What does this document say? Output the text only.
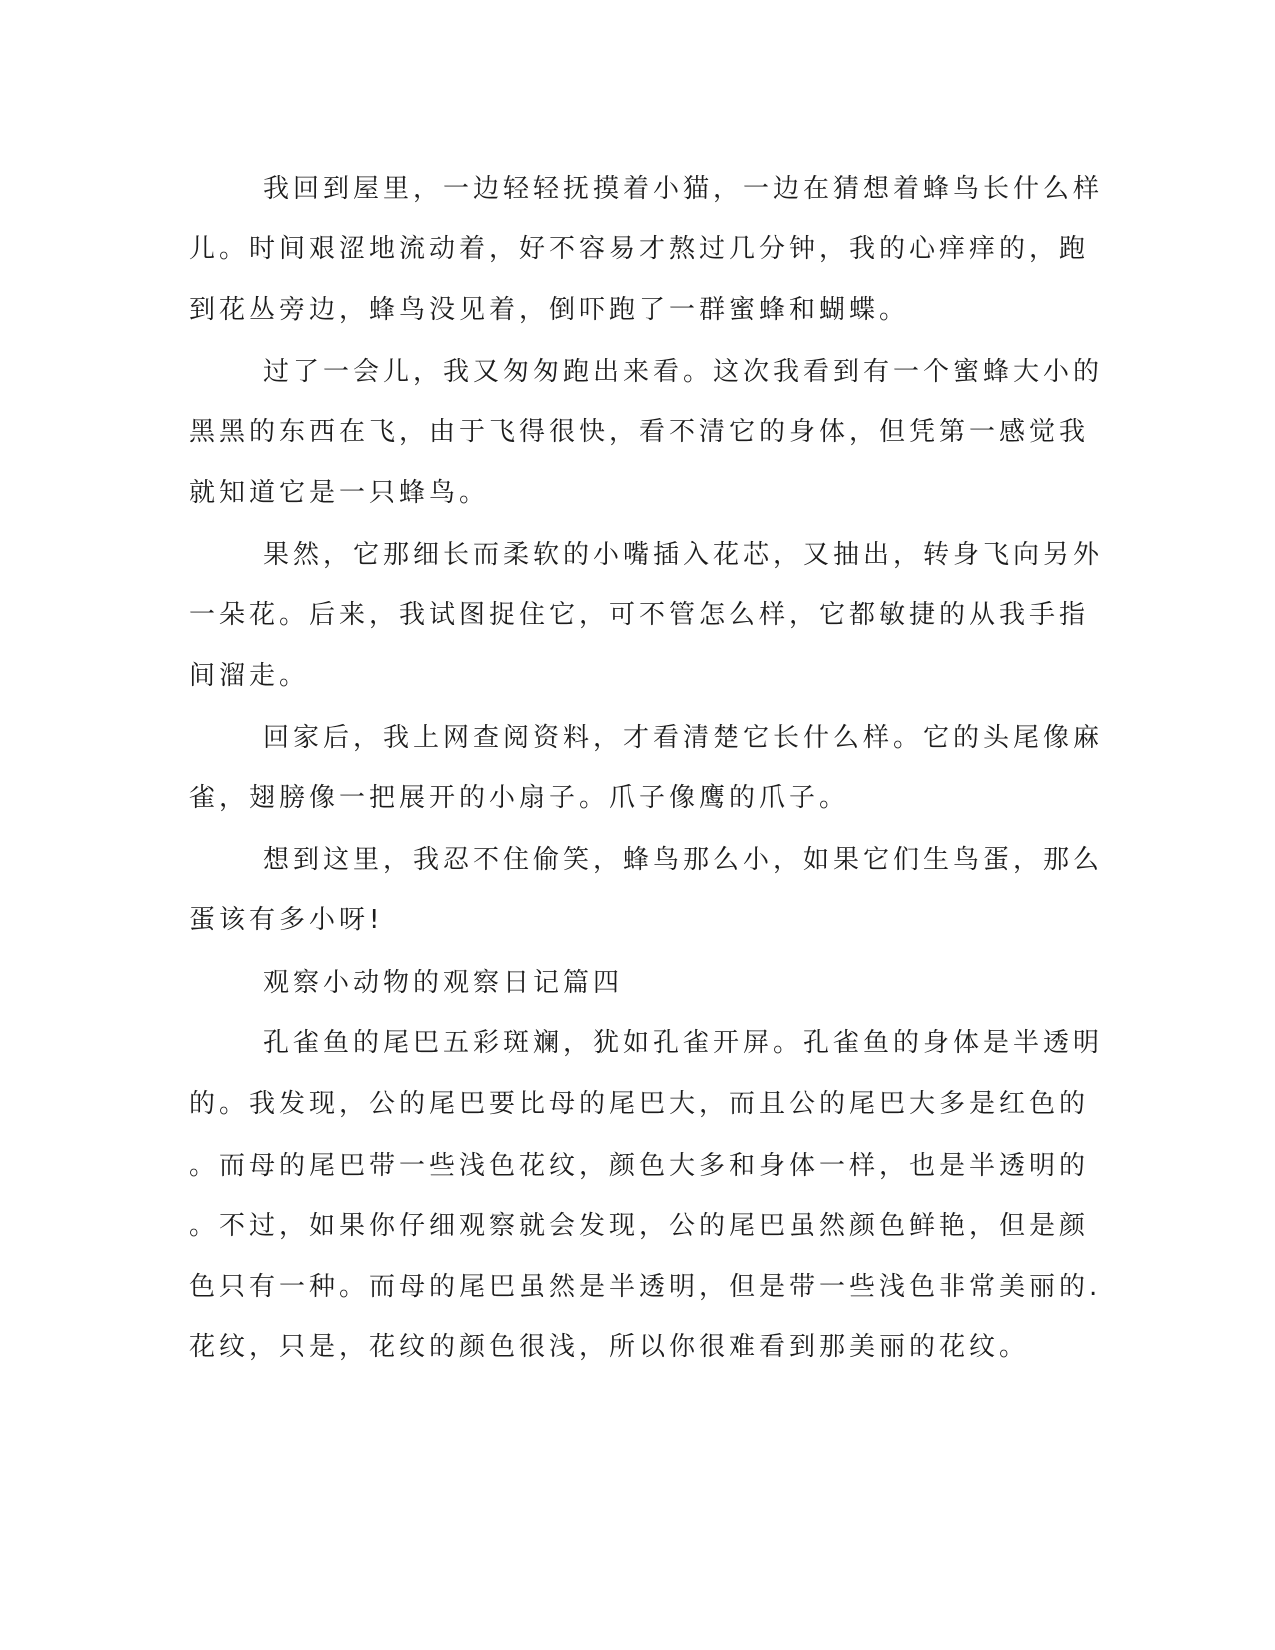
我回到屋里，一边轻轻抚摸着小猫，一边在猜想着蜂鸟长什么样
儿。时间艰涩地流动着，好不容易才熬过几分钟，我的心痒痒的，跑
到花丛旁边，蜂鸟没见着，倒吓跑了一群蜜蜂和蝴蝶。
过了一会儿，我又匆匆跑出来看。这次我看到有一个蜜蜂大小的
黑黑的东西在飞，由于飞得很快，看不清它的身体，但凭第一感觉我
就知道它是一只蜂鸟。
果然，它那细长而柔软的小嘴插入花芯，又抽出，转身飞向另外
一朵花。后来，我试图捉住它，可不管怎么样，它都敏捷的从我手指
间溜走。
回家后，我上网查阅资料，才看清楚它长什么样。它的头尾像麻
雀，翅膀像一把展开的小扇子。爪子像鹰的爪子。
想到这里，我忍不住偷笑，蜂鸟那么小，如果它们生鸟蛋，那么
蛋该有多小呀!
观察小动物的观察日记篇四
孔雀鱼的尾巴五彩斑斓，犹如孔雀开屏。孔雀鱼的身体是半透明
的。我发现，公的尾巴要比母的尾巴大，而且公的尾巴大多是红色的
。而母的尾巴带一些浅色花纹，颜色大多和身体一样，也是半透明的
。不过，如果你仔细观察就会发现，公的尾巴虽然颜色鲜艳，但是颜
色只有一种。而母的尾巴虽然是半透明，但是带一些浅色非常美丽的.
花纹，只是，花纹的颜色很浅，所以你很难看到那美丽的花纹。
